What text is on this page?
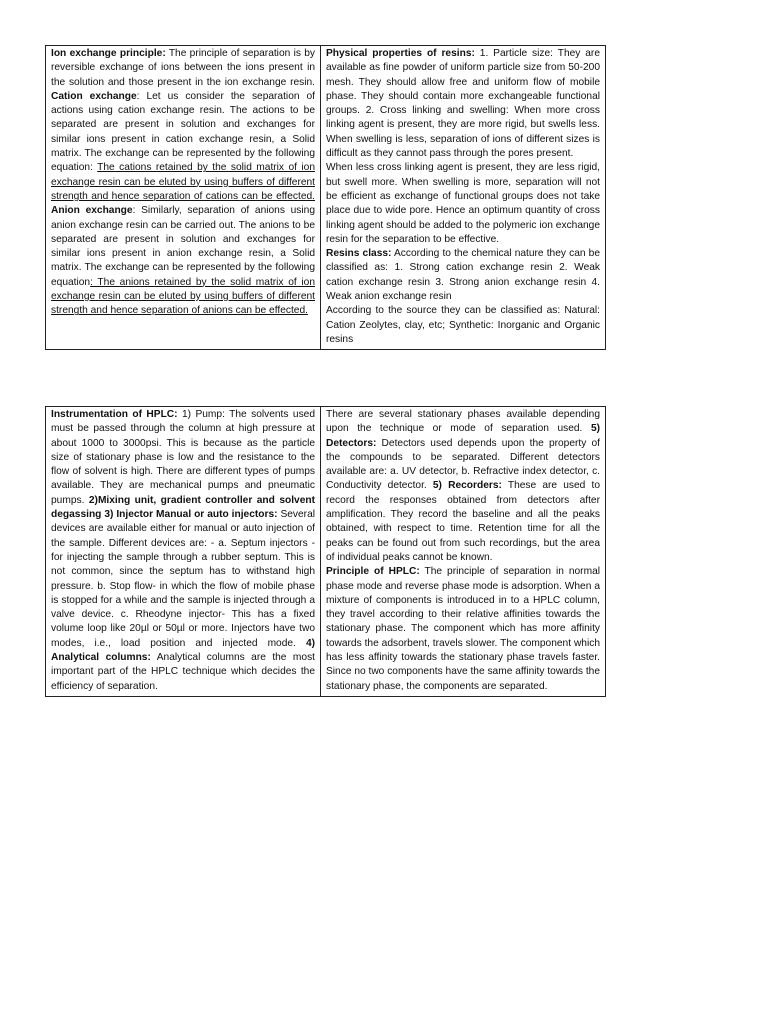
Ion exchange principle: The principle of separation is by reversible exchange of ions between the ions present in the solution and those present in the ion exchange resin. Cation exchange: Let us consider the separation of actions using cation exchange resin. The actions to be separated are present in solution and exchanges for similar ions present in cation exchange resin, a Solid matrix. The exchange can be represented by the following equation: The cations retained by the solid matrix of ion exchange resin can be eluted by using buffers of different strength and hence separation of cations can be effected. Anion exchange: Similarly, separation of anions using anion exchange resin can be carried out. The anions to be separated are present in solution and exchanges for similar ions present in anion exchange resin, a Solid matrix. The exchange can be represented by the following equation: The anions retained by the solid matrix of ion exchange resin can be eluted by using buffers of different strength and hence separation of anions can be effected.	

Physical properties of resins: 1. Particle size: They are available as fine powder of uniform particle size from 50-200 mesh. They should allow free and uniform flow of mobile phase. They should contain more exchangeable functional groups. 2. Cross linking and swelling: When more cross linking agent is present, they are more rigid, but swells less. When swelling is less, separation of ions of different sizes is difficult as they cannot pass through the pores present.

When less cross linking agent is present, they are less rigid, but swell more. When swelling is more, separation will not be efficient as exchange of functional groups does not take place due to wide pore. Hence an optimum quantity of cross linking agent should be added to the polymeric ion exchange resin for the separation to be effective.

Resins class: According to the chemical nature they can be classified as: 1. Strong cation exchange resin 2. Weak cation exchange resin 3. Strong anion exchange resin 4. Weak anion exchange resin

According to the source they can be classified as: Natural: Cation Zeolytes, clay, etc; Synthetic: Inorganic and Organic resins

Instrumentation of HPLC: 1) Pump: The solvents used must be passed through the column at high pressure at about 1000 to 3000psi. This is because as the particle size of stationary phase is low and the resistance to the flow of solvent is high. There are different types of pumps available. They are mechanical pumps and pneumatic pumps. 2)Mixing unit, gradient controller and solvent degassing 3) Injector Manual or auto injectors: Several devices are available either for manual or auto injection of the sample. Different devices are: - a. Septum injectors - for injecting the sample through a rubber septum. This is not common, since the septum has to withstand high pressure. b. Stop flow- in which the flow of mobile phase is stopped for a while and the sample is injected through a valve device. c. Rheodyne injector- This has a fixed volume loop like 20µl or 50µl or more. Injectors have two modes, i.e., load position and injected mode. 4) Analytical columns: Analytical columns are the most important part of the HPLC technique which decides the efficiency of separation.	

There are several stationary phases available depending upon the technique or mode of separation used. 5) Detectors: Detectors used depends upon the property of the compounds to be separated. Different detectors available are: a. UV detector, b. Refractive index detector, c. Conductivity detector. 5) Recorders: These are used to record the responses obtained from detectors after amplification. They record the baseline and all the peaks obtained, with respect to time. Retention time for all the peaks can be found out from such recordings, but the area of individual peaks cannot be known.

Principle of HPLC: The principle of separation in normal phase mode and reverse phase mode is adsorption. When a mixture of components is introduced in to a HPLC column, they travel according to their relative affinities towards the stationary phase. The component which has more affinity towards the adsorbent, travels slower. The component which has less affinity towards the stationary phase travels faster. Since no two components have the same affinity towards the stationary phase, the components are separated.
